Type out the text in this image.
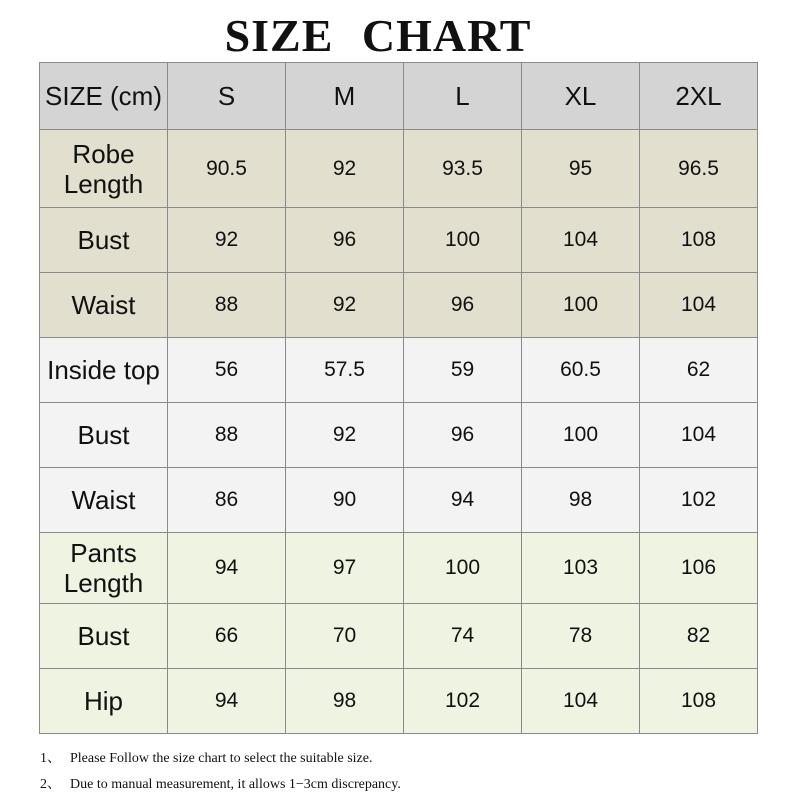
SIZE CHART
SIZE (cm)	S	M	L	XL	2XL
Robe Length	90.5	92	93.5	95	96.5
Bust	92	96	100	104	108
Waist	88	92	96	100	104
Inside top	56	57.5	59	60.5	62
Bust	88	92	96	100	104
Waist	86	90	94	98	102
Pants Length	94	97	100	103	106
Bust	66	70	74	78	82
Hip	94	98	102	104	108
1、 Please Follow the size chart to select the suitable size.
2、 Due to manual measurement, it allows 1−3cm discrepancy.
